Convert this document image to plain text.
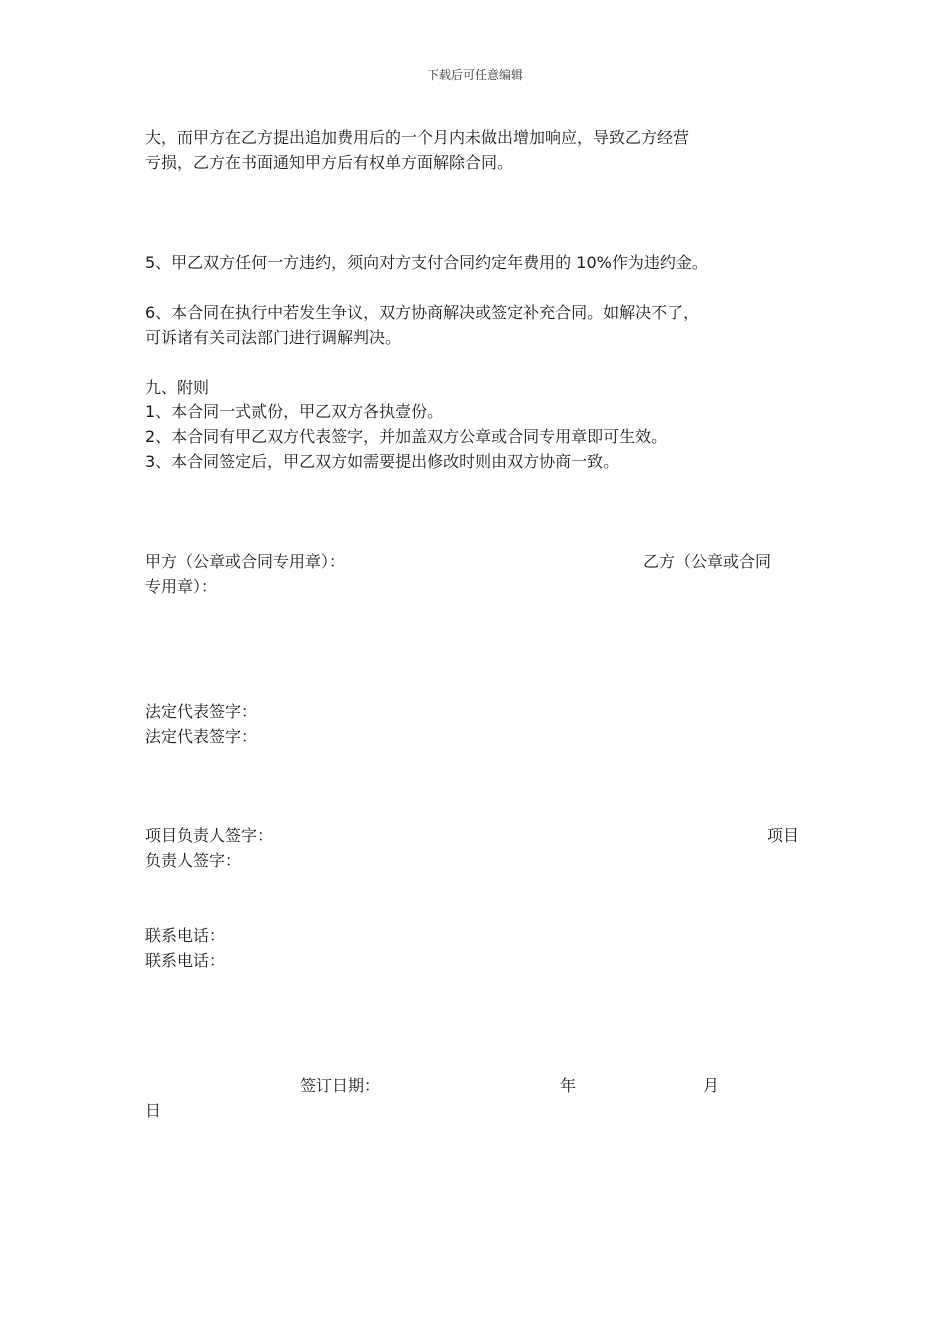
下载后可任意编辑
大，而甲方在乙方提出追加费用后的一个月内未做出增加响应，导致乙方经营
亏损，乙方在书面通知甲方后有权单方面解除合同。
5、甲乙双方任何一方违约，须向对方支付合同约定年费用的 10%作为违约金。
6、本合同在执行中若发生争议，双方协商解决或签定补充合同。如解决不了，
可诉诸有关司法部门进行调解判决。
九、附则
1、本合同一式贰份，甲乙双方各执壹份。
2、本合同有甲乙双方代表签字，并加盖双方公章或合同专用章即可生效。
3、本合同签定后，甲乙双方如需要提出修改时则由双方协商一致。
甲方（公章或合同专用章）：	乙方（公章或合同
专用章）：
法定代表签字：
法定代表签字：
项目负责人签字：	项目
负责人签字：
联系电话：
联系电话：
签订日期：	年	月
日
